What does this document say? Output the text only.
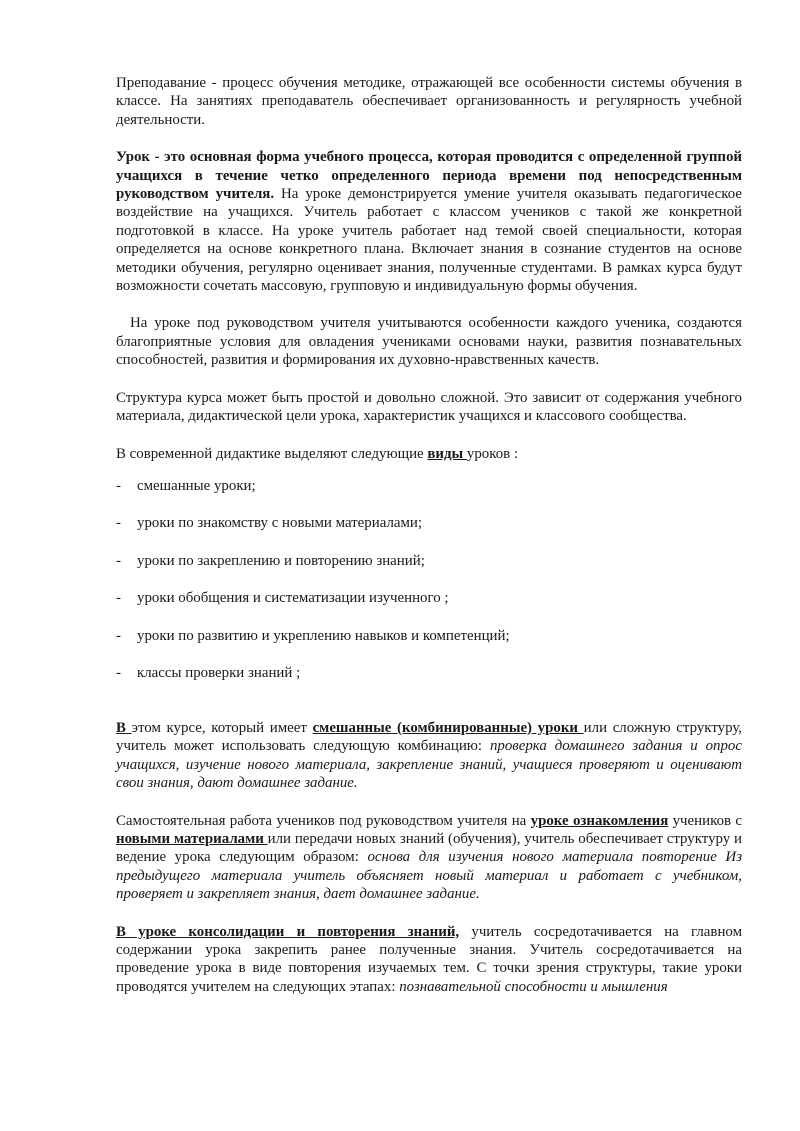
Преподавание - процесс обучения методике, отражающей все особенности системы обучения в классе. На занятиях преподаватель обеспечивает организованность и регулярность учебной деятельности.

Урок - это основная форма учебного процесса, которая проводится с определенной группой учащихся в течение четко определенного периода времени под непосредственным руководством учителя. На уроке демонстрируется умение учителя оказывать педагогическое воздействие на учащихся. Учитель работает с классом учеников с такой же конкретной подготовкой в классе. На уроке учитель работает над темой своей специальности, которая определяется на основе конкретного плана. Включает знания в сознание студентов на основе методики обучения, регулярно оценивает знания, полученные студентами. В рамках курса будут возможности сочетать массовую, групповую и индивидуальную формы обучения.

На уроке под руководством учителя учитываются особенности каждого ученика, создаются благоприятные условия для овладения учениками основами науки, развития познавательных способностей, развития и формирования их духовно-нравственных качеств.

Структура курса может быть простой и довольно сложной. Это зависит от содержания учебного материала, дидактической цели урока, характеристик учащихся и классового сообщества.

В современной дидактике выделяют следующие виды уроков :

-	смешанные уроки;
-	уроки по знакомству с новыми материалами;
-	уроки по закреплению и повторению знаний;
-	уроки обобщения и систематизации изученного ;
-	уроки по развитию и укреплению навыков и компетенций;
-	классы проверки знаний ;

В этом курсе, который имеет смешанные (комбинированные) уроки или сложную структуру, учитель может использовать следующую комбинацию: проверка домашнего задания и опрос учащихся, изучение нового материала, закрепление знаний, учащиеся проверяют и оценивают свои знания, дают домашнее задание.

Самостоятельная работа учеников под руководством учителя на уроке ознакомления учеников с новыми материалами или передачи новых знаний (обучения), учитель обеспечивает структуру и ведение урока следующим образом: основа для изучения нового материала повторение Из предыдущего материала учитель объясняет новый материал и работает с учебником, проверяет и закрепляет знания, дает домашнее задание.

В уроке консолидации и повторения знаний, учитель сосредотачивается на главном содержании урока закрепить ранее полученные знания. Учитель сосредотачивается на проведение урока в виде повторения изучаемых тем. С точки зрения структуры, такие уроки проводятся учителем на следующих этапах: познавательной способности и мышления
